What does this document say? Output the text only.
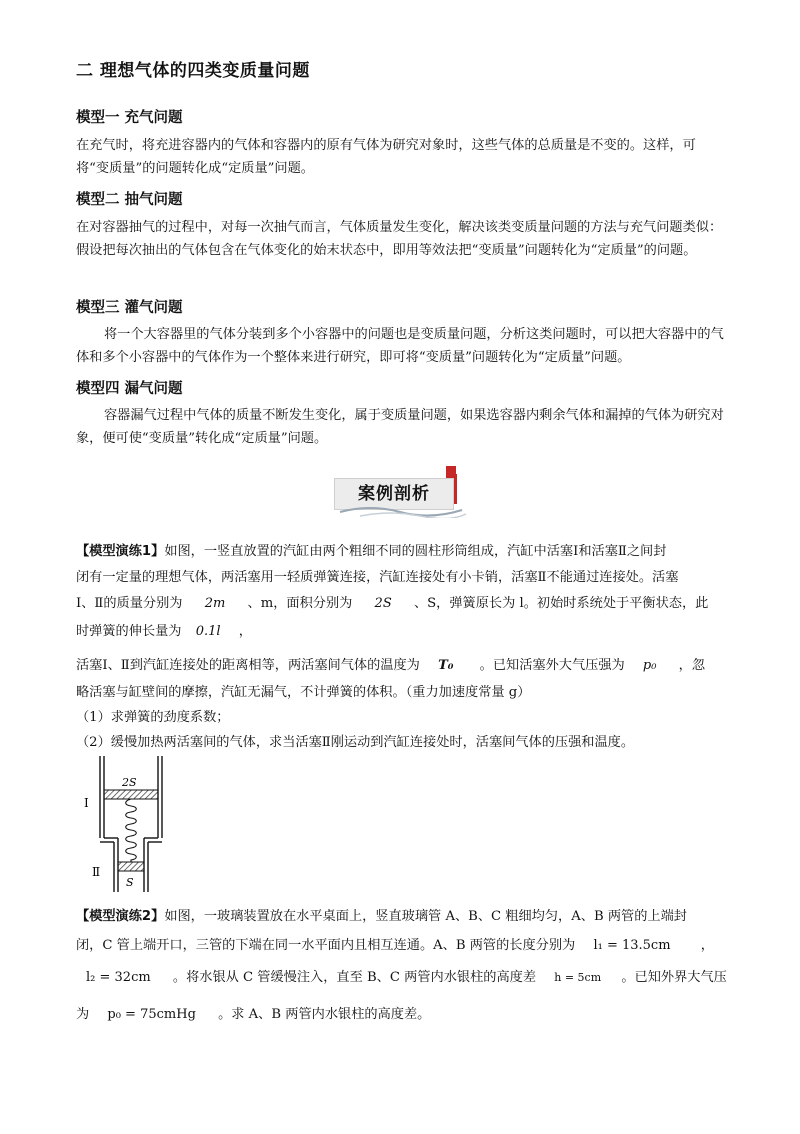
二 理想气体的四类变质量问题
模型一 充气问题
在充气时，将充进容器内的气体和容器内的原有气体为研究对象时，这些气体的总质量是不变的。这样，可将“变质量”的问题转化成“定质量”问题。
模型二 抽气问题
在对容器抽气的过程中，对每一次抽气而言，气体质量发生变化，解决该类变质量问题的方法与充气问题类似：假设把每次抽出的气体包含在气体变化的始末状态中，即用等效法把“变质量”问题转化为“定质量”的问题。
模型三 灌气问题
将一个大容器里的气体分装到多个小容器中的问题也是变质量问题，分析这类问题时，可以把大容器中的气体和多个小容器中的气体作为一个整体来进行研究，即可将“变质量”问题转化为“定质量”问题。
模型四 漏气问题
容器漏气过程中气体的质量不断发生变化，属于变质量问题，如果选容器内剩余气体和漏掉的气体为研究对象，便可使“变质量”转化成“定质量”问题。
案例剖析
【模型演练1】如图，一竖直放置的汽缸由两个粗细不同的圆柱形筒组成，汽缸中活塞Ⅰ和活塞Ⅱ之间封
闭有一定量的理想气体，两活塞用一轻质弹簧连接，汽缸连接处有小卡销，活塞Ⅱ不能通过连接处。活塞
Ⅰ、Ⅱ的质量分别为 2m 、m，面积分别为 2S 、S，弹簧原长为 l。初始时系统处于平衡状态，此
时弹簧的伸长量为 0.1l ，
活塞Ⅰ、Ⅱ到汽缸连接处的距离相等，两活塞间气体的温度为 T₀ 。已知活塞外大气压强为 p₀ ，忽
略活塞与缸壁间的摩擦，汽缸无漏气，不计弹簧的体积。（重力加速度常量 g）
（1）求弹簧的劲度系数；
（2）缓慢加热两活塞间的气体，求当活塞Ⅱ刚运动到汽缸连接处时，活塞间气体的压强和温度。
2S
S
Ⅰ
Ⅱ
【模型演练2】如图，一玻璃装置放在水平桌面上，竖直玻璃管 A、B、C 粗细均匀，A、B 两管的上端封
闭，C 管上端开口，三管的下端在同一水平面内且相互连通。A、B 两管的长度分别为 l₁ = 13.5cm ，
l₂ = 32cm 。将水银从 C 管缓慢注入，直至 B、C 两管内水银柱的高度差 h = 5cm 。已知外界大气压
为 p₀ = 75cmHg 。求 A、B 两管内水银柱的高度差。
